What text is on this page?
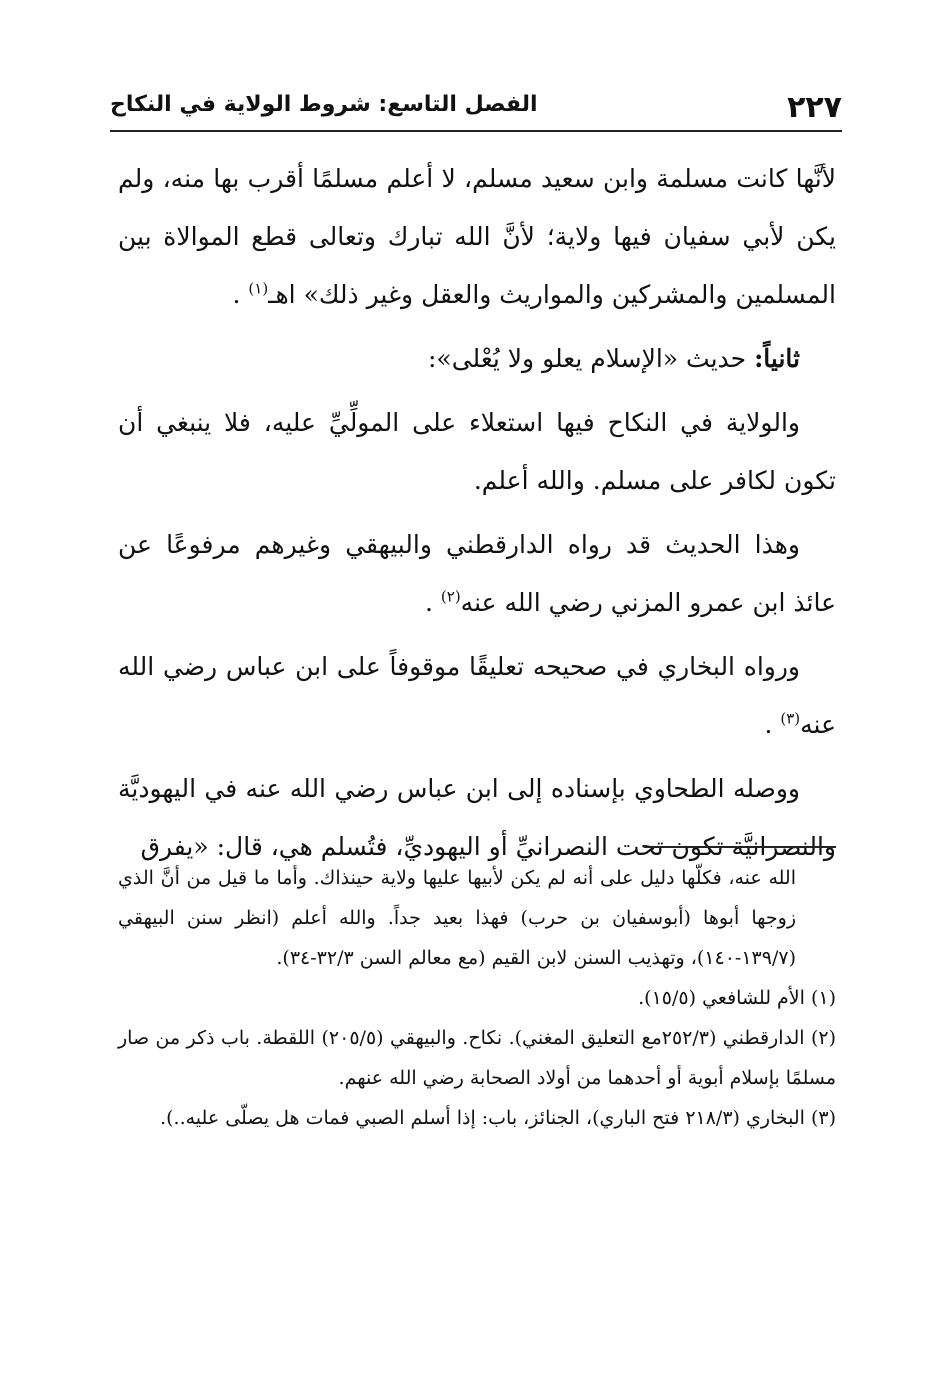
٢٢٧
الفصل التاسع: شروط الولاية في النكاح

لأنَّها كانت مسلمة وابن سعيد مسلم، لا أعلم مسلمًا أقرب بها منه، ولم يكن لأبي سفيان فيها ولاية؛ لأنَّ الله تبارك وتعالى قطع الموالاة بين المسلمين والمشركين والمواريث والعقل وغير ذلك» اهـ$^{(١)}$ .

ثانياً: حديث «الإسلام يعلو ولا يُعْلى»:

والولاية في النكاح فيها استعلاء على المولِّيِّ عليه، فلا ينبغي أن تكون لكافر على مسلم. والله أعلم.

وهذا الحديث قد رواه الدارقطني والبيهقي وغيرهم مرفوعًا عن عائذ ابن عمرو المزني رضي الله عنه$^{(٢)}$ .

ورواه البخاري في صحيحه تعليقًا موقوفاً على ابن عباس رضي الله عنه$^{(٣)}$ .

ووصله الطحاوي بإسناده إلى ابن عباس رضي الله عنه في اليهوديَّة والنصرانيَّة تكون تحت النصرانيِّ أو اليهوديِّ، فتُسلم هي، قال: «يفرق

الله عنه، فكلّها دليل على أنه لم يكن لأبيها عليها ولاية حينذاك. وأما ما قيل من أنَّ الذي زوجها أبوها (أبوسفيان بن حرب) فهذا بعيد جداً. والله أعلم (انظر سنن البيهقي (١٣٩/٧-١٤٠)، وتهذيب السنن لابن القيم (مع معالم السن ٣٢/٣-٣٤).

(١) الأم للشافعي (١٥/٥).

(٢) الدارقطني (٢٥٢/٣مع التعليق المغني). نكاح. والبيهقي (٢٠٥/٥) اللقطة. باب ذكر من صار مسلمًا بإسلام أبوية أو أحدهما من أولاد الصحابة رضي الله عنهم.

(٣) البخاري (٢١٨/٣ فتح الباري)، الجنائز، باب: إذا أسلم الصبي فمات هل يصلّى عليه..).
